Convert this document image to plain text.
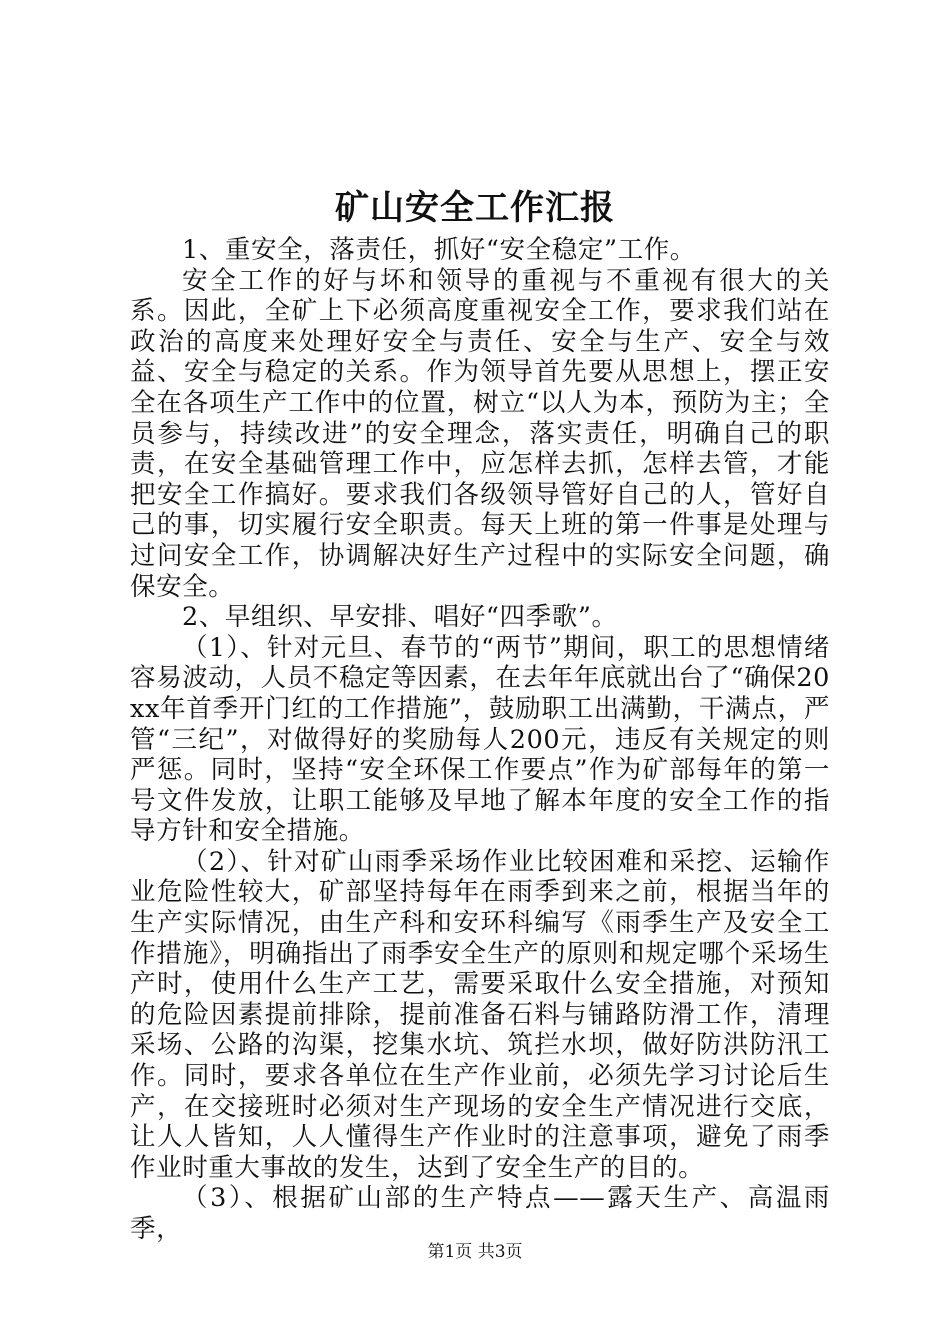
矿山安全工作汇报

1、重安全，落责任，抓好“安全稳定”工作。

安全工作的好与坏和领导的重视与不重视有很大的关系。因此，全矿上下必须高度重视安全工作，要求我们站在政治的高度来处理好安全与责任、安全与生产、安全与效益、安全与稳定的关系。作为领导首先要从思想上，摆正安全在各项生产工作中的位置，树立“以人为本，预防为主；全员参与，持续改进”的安全理念，落实责任，明确自己的职责，在安全基础管理工作中，应怎样去抓，怎样去管，才能把安全工作搞好。要求我们各级领导管好自己的人，管好自己的事，切实履行安全职责。每天上班的第一件事是处理与过问安全工作，协调解决好生产过程中的实际安全问题，确保安全。

2、早组织、早安排、唱好“四季歌”。

（1）、针对元旦、春节的“两节”期间，职工的思想情绪容易波动，人员不稳定等因素，在去年年底就出台了“确保20xx年首季开门红的工作措施”，鼓励职工出满勤，干满点，严管“三纪”，对做得好的奖励每人200元，违反有关规定的则严惩。同时，坚持“安全环保工作要点”作为矿部每年的第一号文件发放，让职工能够及早地了解本年度的安全工作的指导方针和安全措施。

（2）、针对矿山雨季采场作业比较困难和采挖、运输作业危险性较大，矿部坚持每年在雨季到来之前，根据当年的生产实际情况，由生产科和安环科编写《雨季生产及安全工作措施》，明确指出了雨季安全生产的原则和规定哪个采场生产时，使用什么生产工艺，需要采取什么安全措施，对预知的危险因素提前排除，提前准备石料与铺路防滑工作，清理采场、公路的沟渠，挖集水坑、筑拦水坝，做好防洪防汛工作。同时，要求各单位在生产作业前，必须先学习讨论后生产，在交接班时必须对生产现场的安全生产情况进行交底，让人人皆知，人人懂得生产作业时的注意事项，避免了雨季作业时重大事故的发生，达到了安全生产的目的。

（3）、根据矿山部的生产特点——露天生产、高温雨季，

第1页 共3页
